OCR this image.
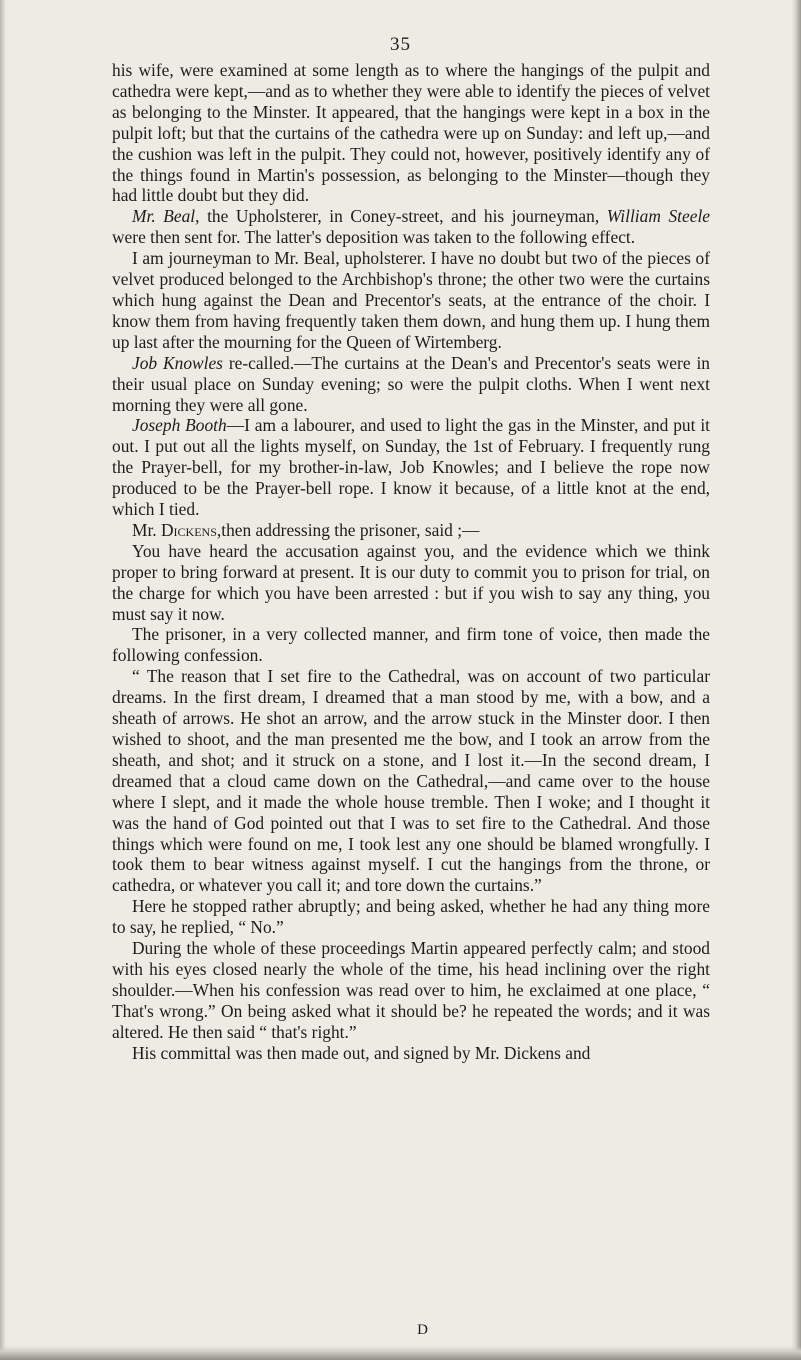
35

his wife, were examined at some length as to where the hangings of the pulpit and cathedra were kept,—and as to whether they were able to identify the pieces of velvet as belonging to the Minster. It appeared, that the hangings were kept in a box in the pulpit loft; but that the curtains of the cathedra were up on Sunday: and left up,—and the cushion was left in the pulpit. They could not, however, positively identify any of the things found in Martin's possession, as belonging to the Minster—though they had little doubt but they did.

Mr. Beal, the Upholsterer, in Coney-street, and his journeyman, William Steele were then sent for. The latter's deposition was taken to the following effect.

I am journeyman to Mr. Beal, upholsterer. I have no doubt but two of the pieces of velvet produced belonged to the Archbishop's throne; the other two were the curtains which hung against the Dean and Precentor's seats, at the entrance of the choir. I know them from having frequently taken them down, and hung them up. I hung them up last after the mourning for the Queen of Wirtemberg.

Job Knowles re-called.—The curtains at the Dean's and Precentor's seats were in their usual place on Sunday evening; so were the pulpit cloths. When I went next morning they were all gone.

Joseph Booth—I am a labourer, and used to light the gas in the Minster, and put it out. I put out all the lights myself, on Sunday, the 1st of February. I frequently rung the Prayer-bell, for my brother-in-law, Job Knowles; and I believe the rope now produced to be the Prayer-bell rope. I know it because, of a little knot at the end, which I tied.

Mr. Dickens,then addressing the prisoner, said ;—

You have heard the accusation against you, and the evidence which we think proper to bring forward at present. It is our duty to commit you to prison for trial, on the charge for which you have been arrested : but if you wish to say any thing, you must say it now.

The prisoner, in a very collected manner, and firm tone of voice, then made the following confession.

“ The reason that I set fire to the Cathedral, was on account of two particular dreams. In the first dream, I dreamed that a man stood by me, with a bow, and a sheath of arrows. He shot an arrow, and the arrow stuck in the Minster door. I then wished to shoot, and the man presented me the bow, and I took an arrow from the sheath, and shot; and it struck on a stone, and I lost it.—In the second dream, I dreamed that a cloud came down on the Cathedral,—and came over to the house where I slept, and it made the whole house tremble. Then I woke; and I thought it was the hand of God pointed out that I was to set fire to the Cathedral. And those things which were found on me, I took lest any one should be blamed wrongfully. I took them to bear witness against myself. I cut the hangings from the throne, or cathedra, or whatever you call it; and tore down the curtains.”

Here he stopped rather abruptly; and being asked, whether he had any thing more to say, he replied, “ No.”

During the whole of these proceedings Martin appeared perfectly calm; and stood with his eyes closed nearly the whole of the time, his head inclining over the right shoulder.—When his confession was read over to him, he exclaimed at one place, “ That's wrong.” On being asked what it should be? he repeated the words; and it was altered. He then said “ that's right.”

His committal was then made out, and signed by Mr. Dickens and

D
